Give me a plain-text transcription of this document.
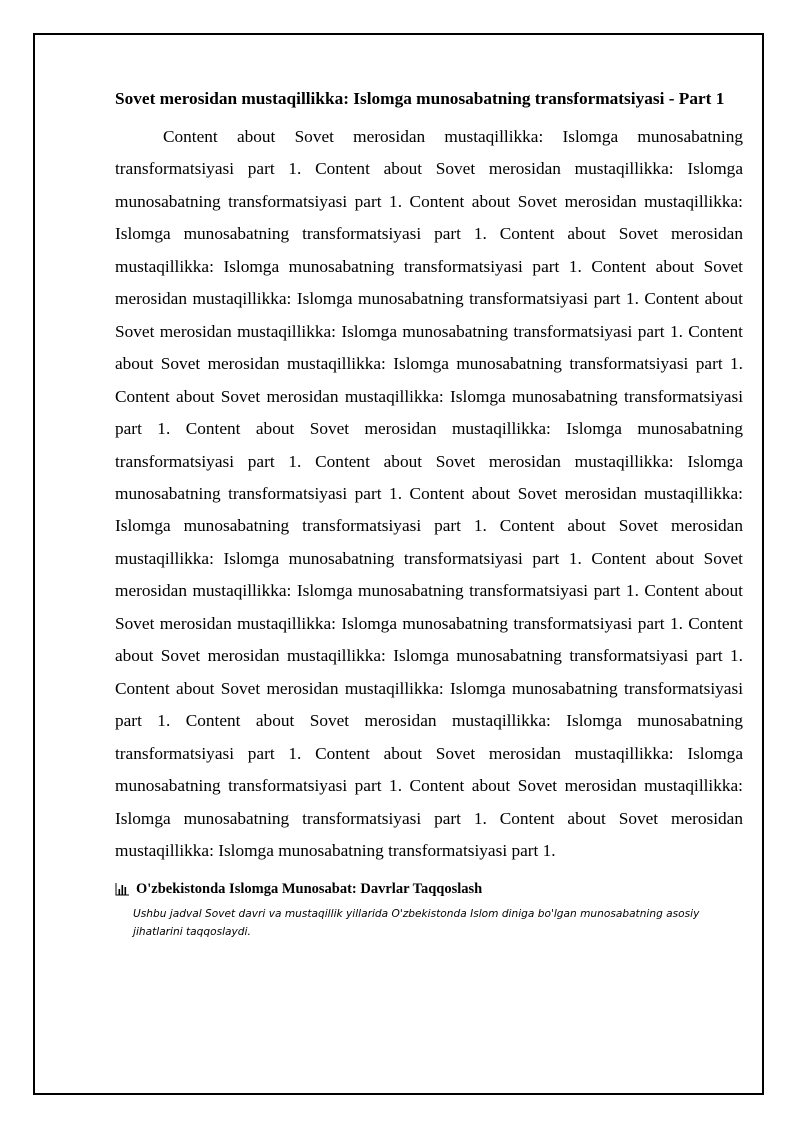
Sovet merosidan mustaqillikka: Islomga munosabatning transformatsiyasi - Part 1

Content about Sovet merosidan mustaqillikka: Islomga munosabatning transformatsiyasi part 1. Content about Sovet merosidan mustaqillikka: Islomga munosabatning transformatsiyasi part 1. Content about Sovet merosidan mustaqillikka: Islomga munosabatning transformatsiyasi part 1. Content about Sovet merosidan mustaqillikka: Islomga munosabatning transformatsiyasi part 1. Content about Sovet merosidan mustaqillikka: Islomga munosabatning transformatsiyasi part 1. Content about Sovet merosidan mustaqillikka: Islomga munosabatning transformatsiyasi part 1. Content about Sovet merosidan mustaqillikka: Islomga munosabatning transformatsiyasi part 1. Content about Sovet merosidan mustaqillikka: Islomga munosabatning transformatsiyasi part 1. Content about Sovet merosidan mustaqillikka: Islomga munosabatning transformatsiyasi part 1. Content about Sovet merosidan mustaqillikka: Islomga munosabatning transformatsiyasi part 1. Content about Sovet merosidan mustaqillikka: Islomga munosabatning transformatsiyasi part 1. Content about Sovet merosidan mustaqillikka: Islomga munosabatning transformatsiyasi part 1. Content about Sovet merosidan mustaqillikka: Islomga munosabatning transformatsiyasi part 1. Content about Sovet merosidan mustaqillikka: Islomga munosabatning transformatsiyasi part 1. Content about Sovet merosidan mustaqillikka: Islomga munosabatning transformatsiyasi part 1. Content about Sovet merosidan mustaqillikka: Islomga munosabatning transformatsiyasi part 1. Content about Sovet merosidan mustaqillikka: Islomga munosabatning transformatsiyasi part 1. Content about Sovet merosidan mustaqillikka: Islomga munosabatning transformatsiyasi part 1. Content about Sovet merosidan mustaqillikka: Islomga munosabatning transformatsiyasi part 1. Content about Sovet merosidan mustaqillikka: Islomga munosabatning transformatsiyasi part 1.

O'zbekistonda Islomga Munosabat: Davrlar Taqqoslash

Ushbu jadval Sovet davri va mustaqillik yillarida O'zbekistonda Islom diniga bo'lgan munosabatning asosiy jihatlarini taqqoslaydi.
